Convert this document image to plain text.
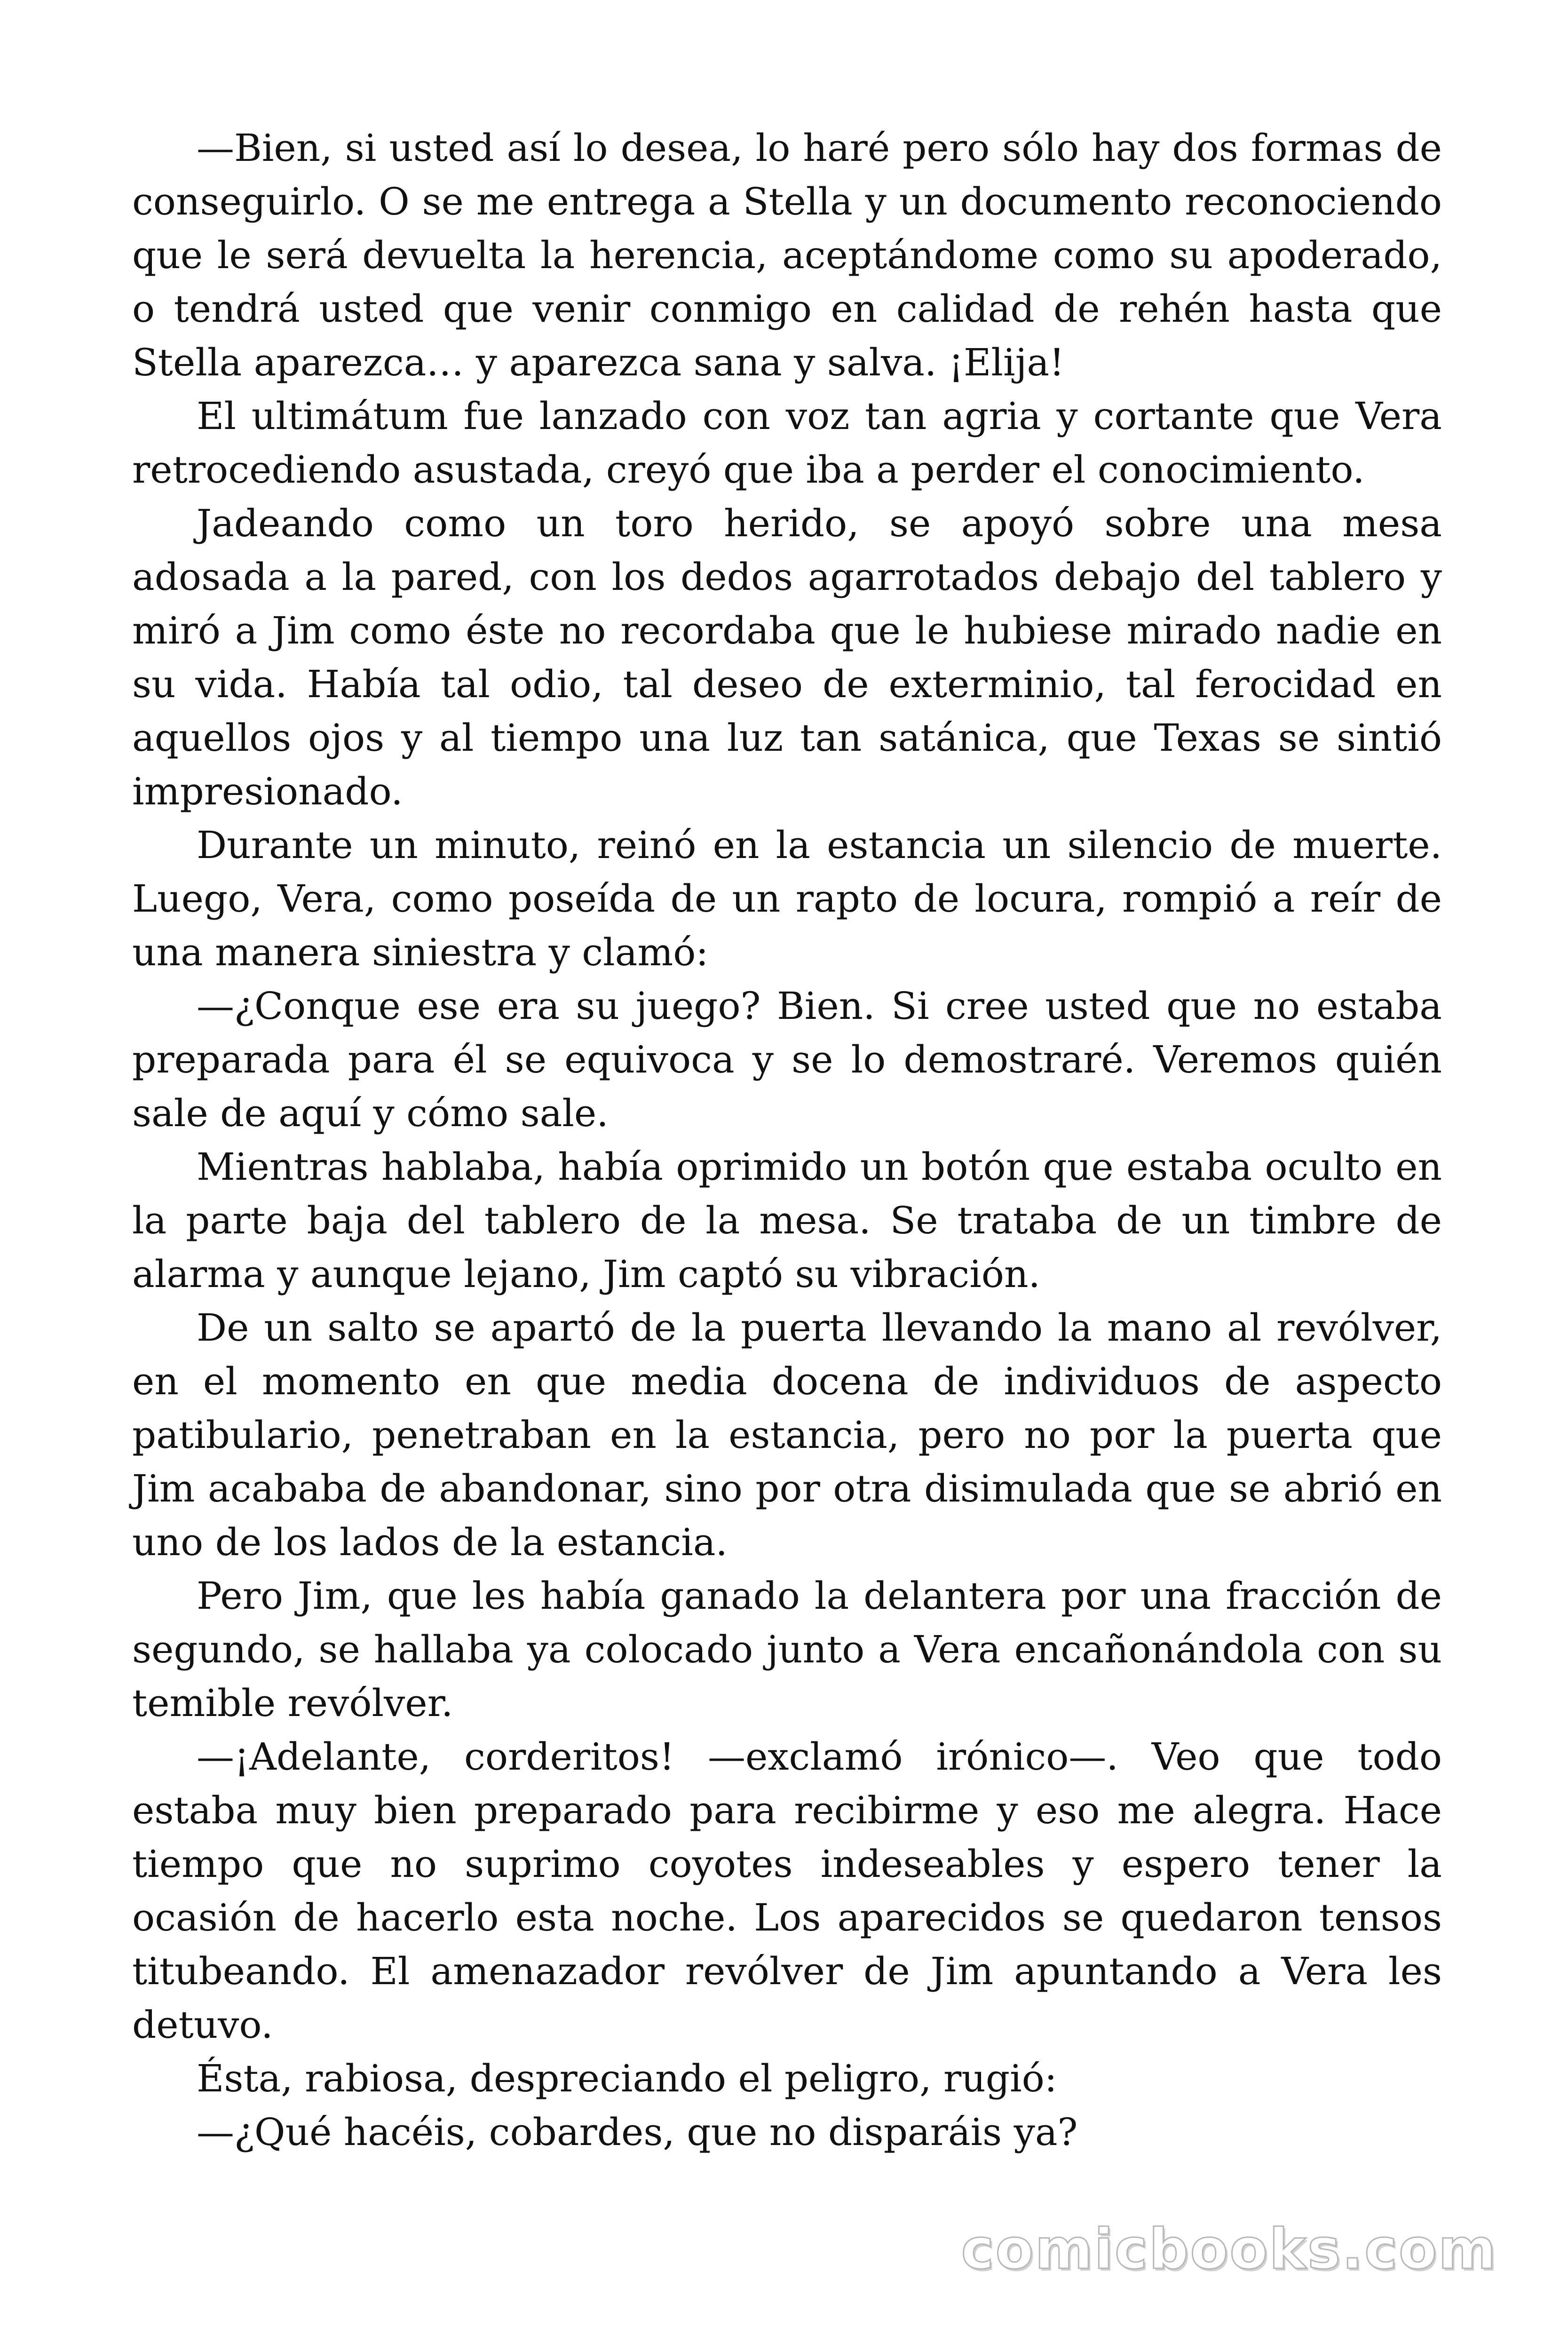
—Bien, si usted así lo desea, lo haré pero sólo hay dos formas de conseguirlo. O se me entrega a Stella y un documento reconociendo que le será devuelta la herencia, aceptándome como su apoderado, o tendrá usted que venir conmigo en calidad de rehén hasta que Stella aparezca… y aparezca sana y salva. ¡Elija!

El ultimátum fue lanzado con voz tan agria y cortante que Vera retrocediendo asustada, creyó que iba a perder el conocimiento.

Jadeando como un toro herido, se apoyó sobre una mesa adosada a la pared, con los dedos agarrotados debajo del tablero y miró a Jim como éste no recordaba que le hubiese mirado nadie en su vida. Había tal odio, tal deseo de exterminio, tal ferocidad en aquellos ojos y al tiempo una luz tan satánica, que Texas se sintió impresionado.

Durante un minuto, reinó en la estancia un silencio de muerte. Luego, Vera, como poseída de un rapto de locura, rompió a reír de una manera siniestra y clamó:

—¿Conque ese era su juego? Bien. Si cree usted que no estaba preparada para él se equivoca y se lo demostraré. Veremos quién sale de aquí y cómo sale.

Mientras hablaba, había oprimido un botón que estaba oculto en la parte baja del tablero de la mesa. Se trataba de un timbre de alarma y aunque lejano, Jim captó su vibración.

De un salto se apartó de la puerta llevando la mano al revólver, en el momento en que media docena de individuos de aspecto patibulario, penetraban en la estancia, pero no por la puerta que Jim acababa de abandonar, sino por otra disimulada que se abrió en uno de los lados de la estancia.

Pero Jim, que les había ganado la delantera por una fracción de segundo, se hallaba ya colocado junto a Vera encañonándola con su temible revólver.

—¡Adelante, corderitos! —exclamó irónico—. Veo que todo estaba muy bien preparado para recibirme y eso me alegra. Hace tiempo que no suprimo coyotes indeseables y espero tener la ocasión de hacerlo esta noche. Los aparecidos se quedaron tensos titubeando. El amenazador revólver de Jim apuntando a Vera les detuvo.

Ésta, rabiosa, despreciando el peligro, rugió:

—¿Qué hacéis, cobardes, que no disparáis ya?

comicbooks.com
